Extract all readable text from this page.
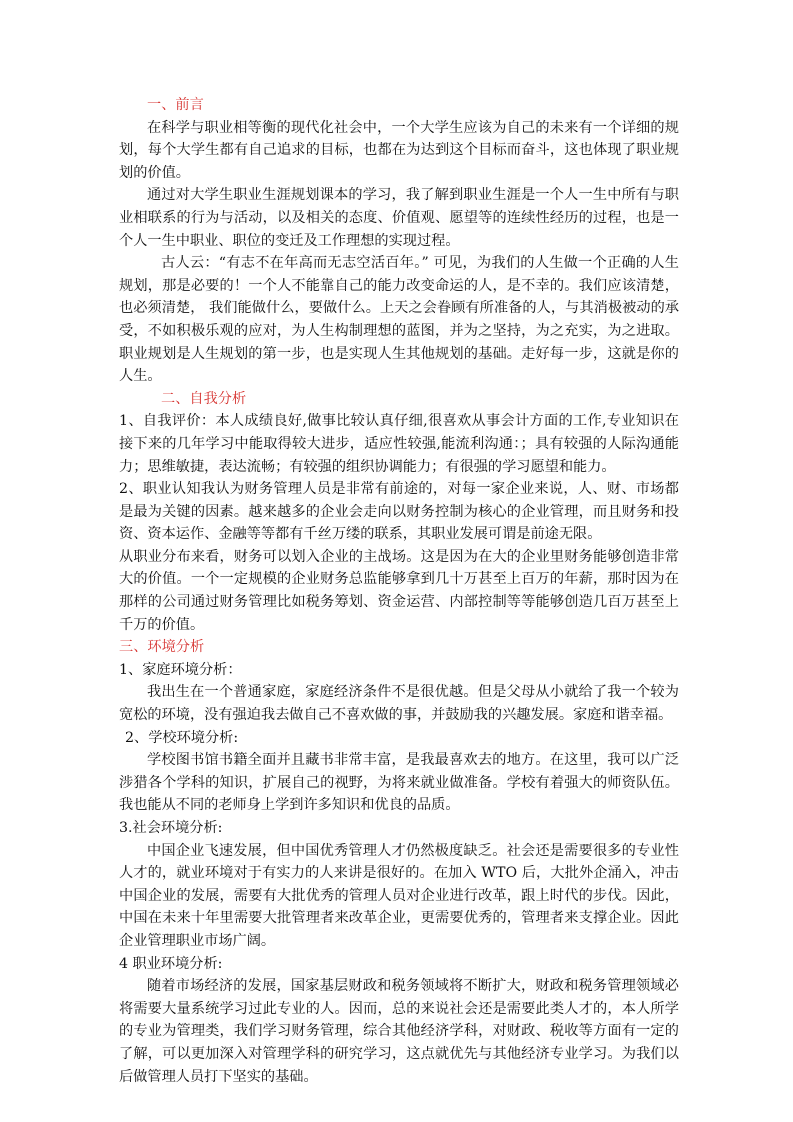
一、前言

在科学与职业相等衡的现代化社会中，一个大学生应该为自己的未来有一个详细的规划，每个大学生都有自己追求的目标，也都在为达到这个目标而奋斗，这也体现了职业规划的价值。

通过对大学生职业生涯规划课本的学习，我了解到职业生涯是一个人一生中所有与职业相联系的行为与活动，以及相关的态度、价值观、愿望等的连续性经历的过程，也是一个人一生中职业、职位的变迁及工作理想的实现过程。

古人云：“有志不在年高而无志空活百年。” 可见，为我们的人生做一个正确的人生规划，那是必要的！一个人不能靠自己的能力改变命运的人，是不幸的。我们应该清楚，也必须清楚， 我们能做什么，要做什么。上天之会眷顾有所准备的人，与其消极被动的承受，不如积极乐观的应对，为人生构制理想的蓝图，并为之坚持，为之充实，为之进取。职业规划是人生规划的第一步，也是实现人生其他规划的基础。走好每一步，这就是你的人生。

二、自我分析

1、自我评价：本人成绩良好,做事比较认真仔细,很喜欢从事会计方面的工作,专业知识在接下来的几年学习中能取得较大进步，适应性较强,能流利沟通：；具有较强的人际沟通能力；思维敏捷，表达流畅；有较强的组织协调能力；有很强的学习愿望和能力。

2、职业认知我认为财务管理人员是非常有前途的，对每一家企业来说，人、财、市场都是最为关键的因素。越来越多的企业会走向以财务控制为核心的企业管理，而且财务和投资、资本运作、金融等等都有千丝万缕的联系，其职业发展可谓是前途无限。

从职业分布来看，财务可以划入企业的主战场。这是因为在大的企业里财务能够创造非常大的价值。一个一定规模的企业财务总监能够拿到几十万甚至上百万的年薪，那时因为在那样的公司通过财务管理比如税务筹划、资金运营、内部控制等等能够创造几百万甚至上千万的价值。

三、环境分析

1、家庭环境分析：

我出生在一个普通家庭，家庭经济条件不是很优越。但是父母从小就给了我一个较为宽松的环境，没有强迫我去做自己不喜欢做的事，并鼓励我的兴趣发展。家庭和谐幸福。

2、学校环境分析:

学校图书馆书籍全面并且藏书非常丰富，是我最喜欢去的地方。在这里，我可以广泛涉猎各个学科的知识，扩展自己的视野，为将来就业做准备。学校有着强大的师资队伍。我也能从不同的老师身上学到许多知识和优良的品质。

3.社会环境分析:

中国企业飞速发展，但中国优秀管理人才仍然极度缺乏。社会还是需要很多的专业性人才的，就业环境对于有实力的人来讲是很好的。在加入 WTO 后，大批外企涌入，冲击中国企业的发展，需要有大批优秀的管理人员对企业进行改革，跟上时代的步伐。因此，中国在未来十年里需要大批管理者来改革企业，更需要优秀的，管理者来支撑企业。因此企业管理职业市场广阔。

4 职业环境分析:

随着市场经济的发展，国家基层财政和税务领域将不断扩大，财政和税务管理领域必将需要大量系统学习过此专业的人。因而，总的来说社会还是需要此类人才的，本人所学的专业为管理类，我们学习财务管理，综合其他经济学科，对财政、税收等方面有一定的了解，可以更加深入对管理学科的研究学习，这点就优先与其他经济专业学习。为我们以后做管理人员打下坚实的基础。
